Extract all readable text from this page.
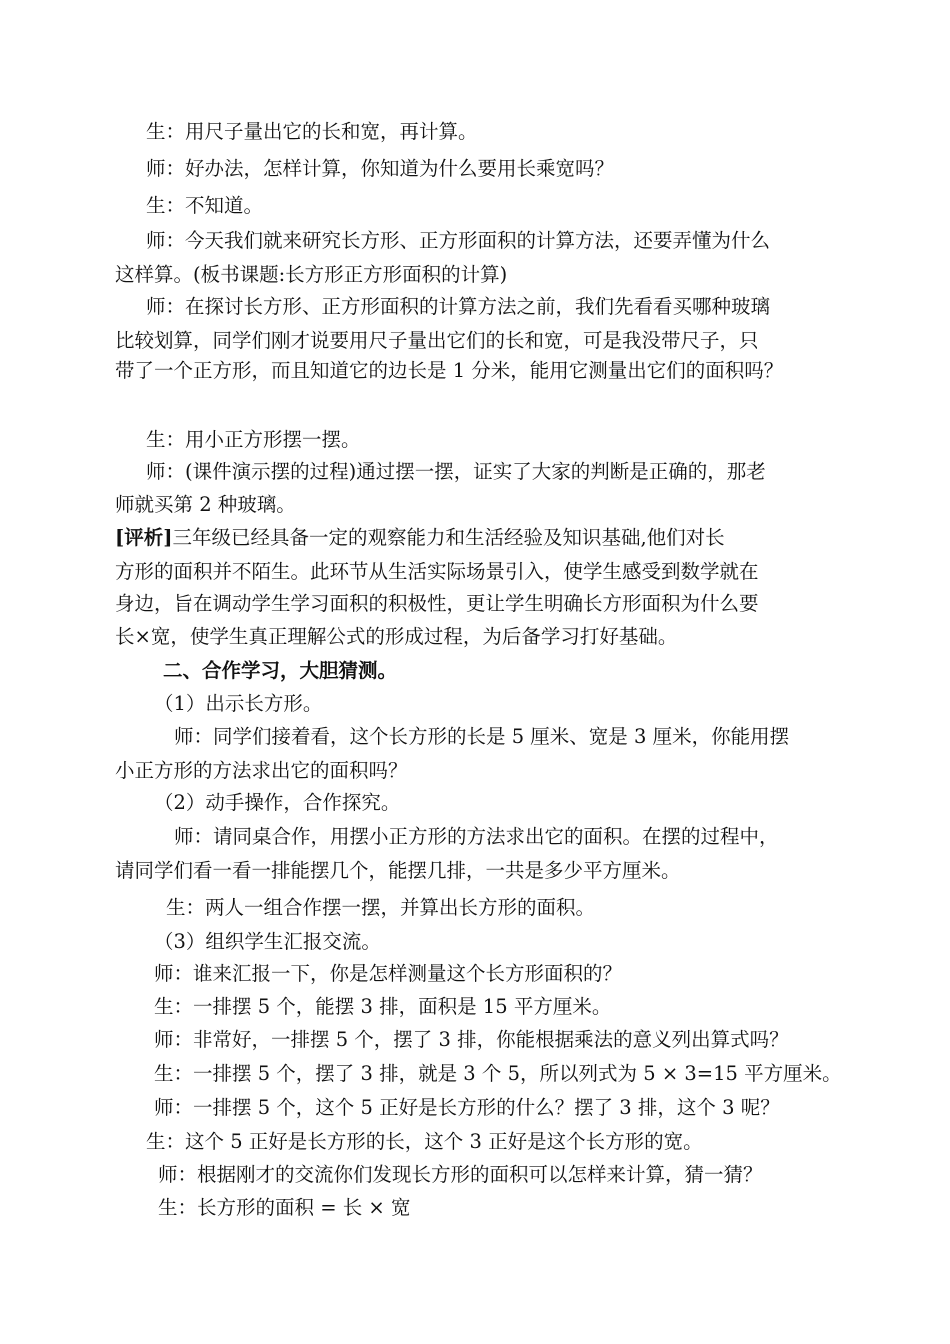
生：用尺子量出它的长和宽，再计算。
师：好办法，怎样计算，你知道为什么要用长乘宽吗？
生：不知道。
师：今天我们就来研究长方形、正方形面积的计算方法，还要弄懂为什么
这样算。(板书课题:长方形正方形面积的计算)
师：在探讨长方形、正方形面积的计算方法之前，我们先看看买哪种玻璃
比较划算，同学们刚才说要用尺子量出它们的长和宽，可是我没带尺子，只
带了一个正方形，而且知道它的边长是 1 分米，能用它测量出它们的面积吗？
生：用小正方形摆一摆。
师：(课件演示摆的过程)通过摆一摆，证实了大家的判断是正确的，那老
师就买第 2 种玻璃。
[评析]三年级已经具备一定的观察能力和生活经验及知识基础,他们对长
方形的面积并不陌生。此环节从生活实际场景引入，使学生感受到数学就在
身边，旨在调动学生学习面积的积极性，更让学生明确长方形面积为什么要
长×宽，使学生真正理解公式的形成过程，为后备学习打好基础。
二、合作学习，大胆猜测。
（1）出示长方形。
师：同学们接着看，这个长方形的长是 5 厘米、宽是 3 厘米，你能用摆
小正方形的方法求出它的面积吗？
（2）动手操作，合作探究。
师：请同桌合作，用摆小正方形的方法求出它的面积。在摆的过程中，
请同学们看一看一排能摆几个，能摆几排，一共是多少平方厘米。
生：两人一组合作摆一摆，并算出长方形的面积。
（3）组织学生汇报交流。
师：谁来汇报一下，你是怎样测量这个长方形面积的？
生：一排摆 5 个，能摆 3 排，面积是 15 平方厘米。
师：非常好，一排摆 5 个，摆了 3 排，你能根据乘法的意义列出算式吗？
生：一排摆 5 个，摆了 3 排，就是 3 个 5，所以列式为 5 × 3=15 平方厘米。
师：一排摆 5 个，这个 5 正好是长方形的什么？摆了 3 排，这个 3 呢？
生：这个 5 正好是长方形的长，这个 3 正好是这个长方形的宽。
师：根据刚才的交流你们发现长方形的面积可以怎样来计算，猜一猜？
生：长方形的面积 = 长 × 宽
